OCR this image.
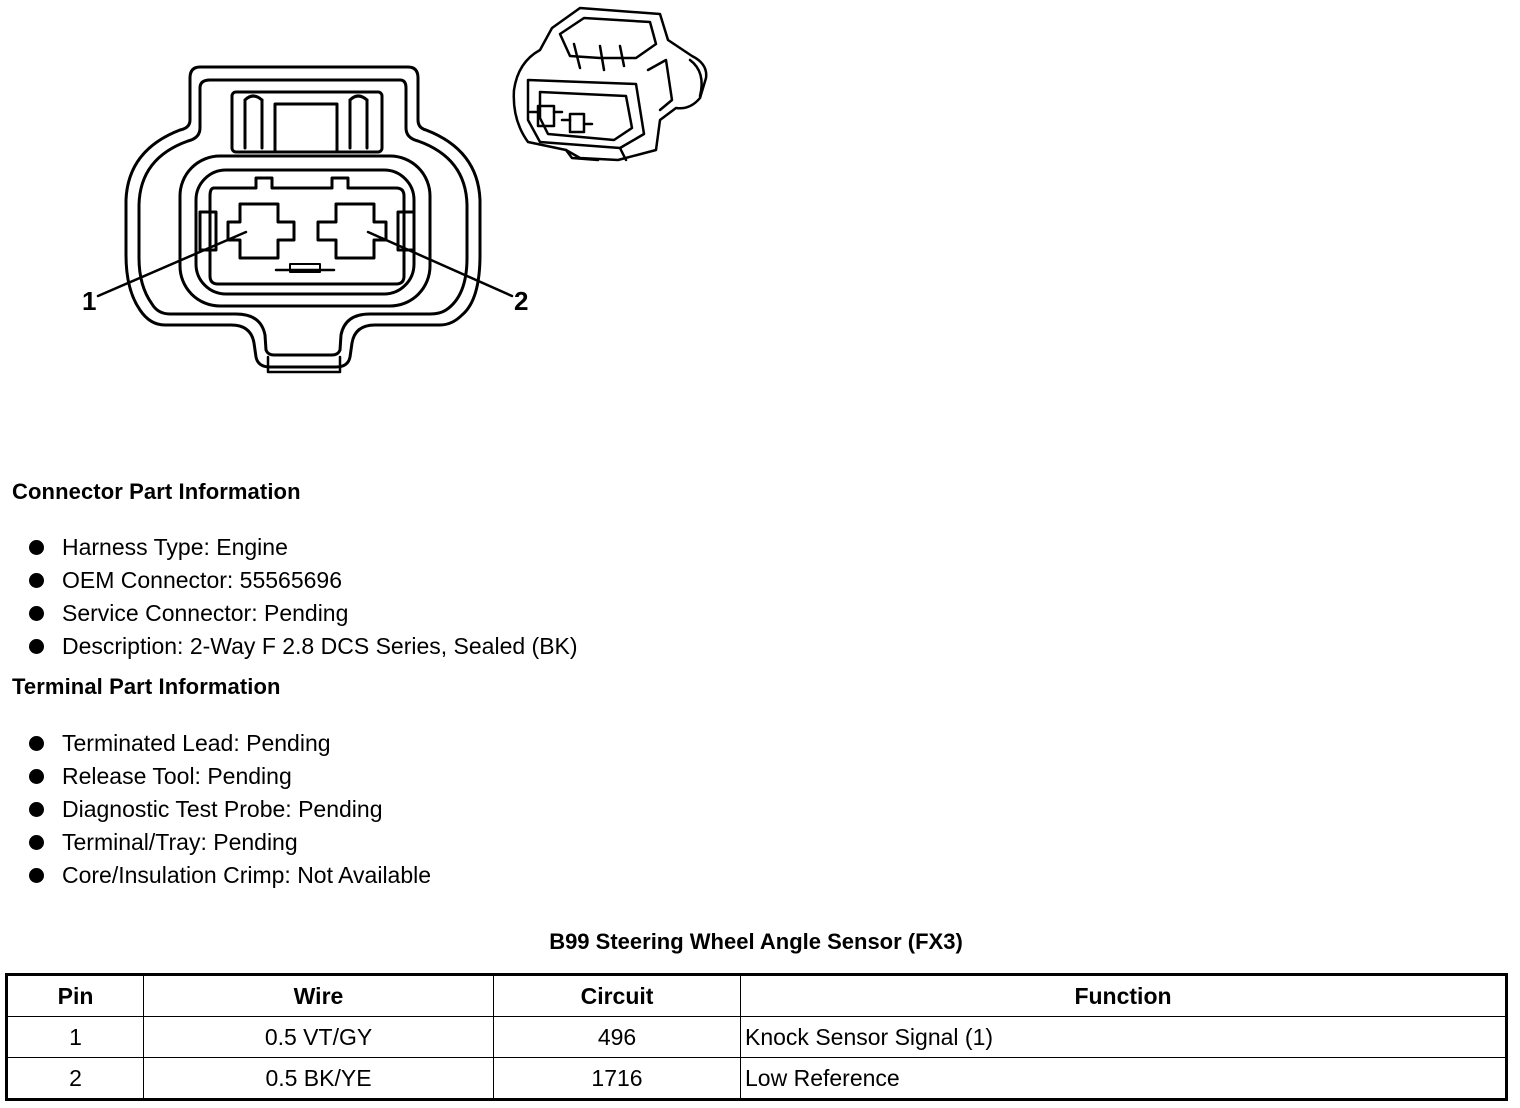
1	2
Connector Part Information
Harness Type: Engine
OEM Connector: 55565696
Service Connector: Pending
Description: 2-Way F 2.8 DCS Series, Sealed (BK)
Terminal Part Information
Terminated Lead: Pending
Release Tool: Pending
Diagnostic Test Probe: Pending
Terminal/Tray: Pending
Core/Insulation Crimp: Not Available
B99 Steering Wheel Angle Sensor (FX3)
Pin	Wire	Circuit	Function
1	0.5 VT/GY	496	Knock Sensor Signal (1)
2	0.5 BK/YE	1716	Low Reference
